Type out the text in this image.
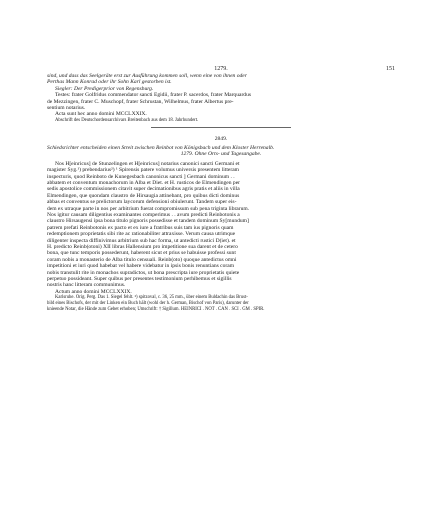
1279.	151

sind, und dass das Seelgeräte erst zur Ausführung kommen soll, wenn eine von ihnen oder

Perthas Mann Konrad oder ihr Sohn Karl gestorben ist.

Siegler: Der Predigerprior von Regensburg.

Testes: frater Golfridus commendator sancti Egidii, frater P. sacerdos, frater Marquardus

de Mezzingen, frater C. Muschopf, frater Schrustan, Wilhelmus, frater Albertus pre-

sentium notarius.

Acta sunt hec anno domini MCCLXXIX.

Abschrift des Deutschordensarchivars Breitenbach aus dem 18. Jahrhundert.

2849.

Schiedsrichter entscheiden einen Streit zwischen Reinbot von Königsbach und dem Kloster Herrenalb.

1279. Ohne Orts- und Tagesangabe.

Nos H[einricus] de Stunzelingen et H[einricus] notarius canonici sancti Germani et

magister Syg.¹) prebendarius²) ¹ Spirensis patere volumus universis presentem litteram

inspecturis, quod Reinboto de Kunegesbach canonicus sancti ] Germani dominum . .

abbatem et conventum monachorum in Alba et Diet. et H. rusticos de Elmendingen per

sedis apostolice commissionem citavit super decimationibus agris pratis et aliis in villa

Elmendingen, que quondam claustro de Hirsaugia attinebant, pro quibus dicti dominus

abbas et conventus se prelictorum laycorum defensioni obiulerunt. Tandem super eis-

dem ex utraque parte in nos per arbitrium fuerat compromissum sub pena triginta librarum.

Nos igitur causam diligentius examinantes comperimus . . avum predicti Reinbotonis a

claustro Hirsaugensi ipsa bona titulo pignoris possedisse et tandem dominum Sy[mundum]

patrem prefati Reinbotonis ex pacto et ex iure a fratribus suis tam ius pignoris quam

redemptionem proprietatis sibi rite ac rationabiliter attraxisse. Verum causa utrimque

diligenter inspecta diffinivimus arbitrium sub hac forma, ut antedicti rustici D(iet). et

H. predicto Reinb(otoni) XII libras Hallensium pro impetitione sua darent et de cetero

bona, que tunc temporis possederunt, haberent sicut et prius se habuisse professi sunt

coram nobis a monasterio de Alba titulo censuali. Reinb(oto) quoque antedictus omni

impetitioni et iuri quod habebat vel habere videbatur in ipsis bonis renuntians coram

nobis transtulit rite in monachos supradictos, ut bona prescripta iure proprietatis quiete

perpetuo possideant. Super quibus per presentes testimonium perhibemus et sigillis

nostris hanc litteram communimus.

Actum anno domini MCCLXXIX.

Karlsruhe. Orig. Perg. Das 1. Siegel fehlt. ²) spitzoval, c. 36, 25 mm., über einem Buldachin das Brust-

bild eines Bischofs, der mit der Linken ein Buch hält (wohl der h. German, Bischof von Paris), darunter der

knieende Notar, die Hände zum Gebet erhoben; Umschrift: † Sigillum. HEINRICI . NOT . CAN . SCI . GM . SPIR.
